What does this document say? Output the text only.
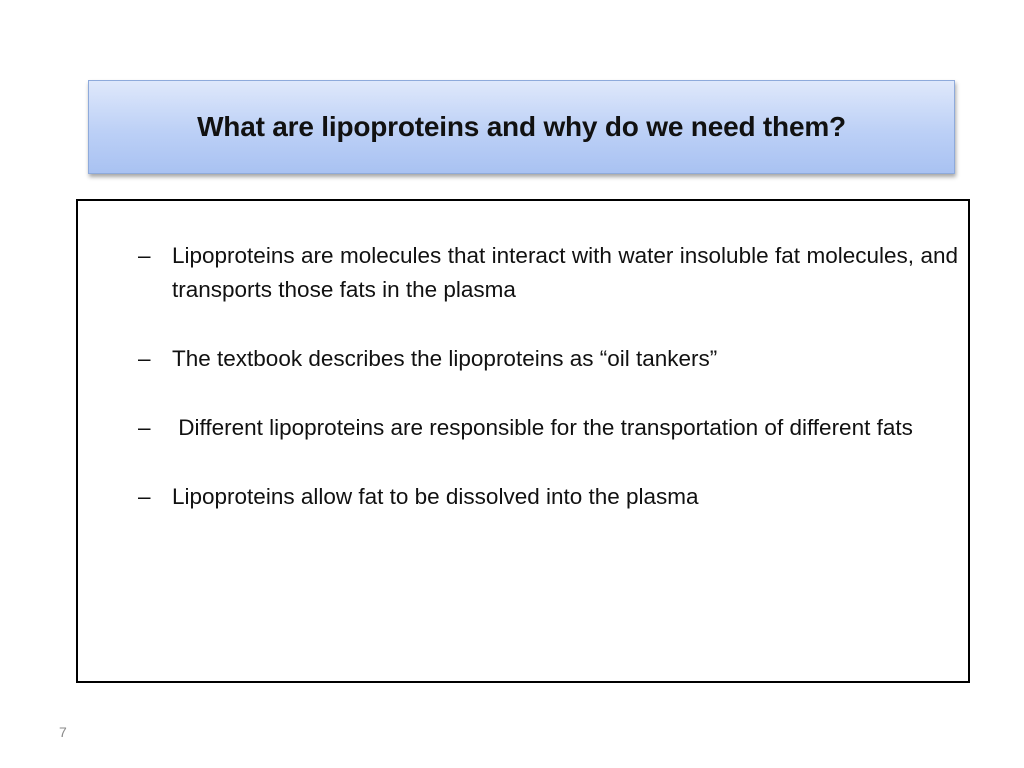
What are lipoproteins and why do we need them?
– Lipoproteins are molecules that interact with water insoluble fat molecules, and transports those fats in the plasma
– The textbook describes the lipoproteins as “oil tankers”
– Different lipoproteins are responsible for the transportation of different fats
– Lipoproteins allow fat to be dissolved into the plasma
7
